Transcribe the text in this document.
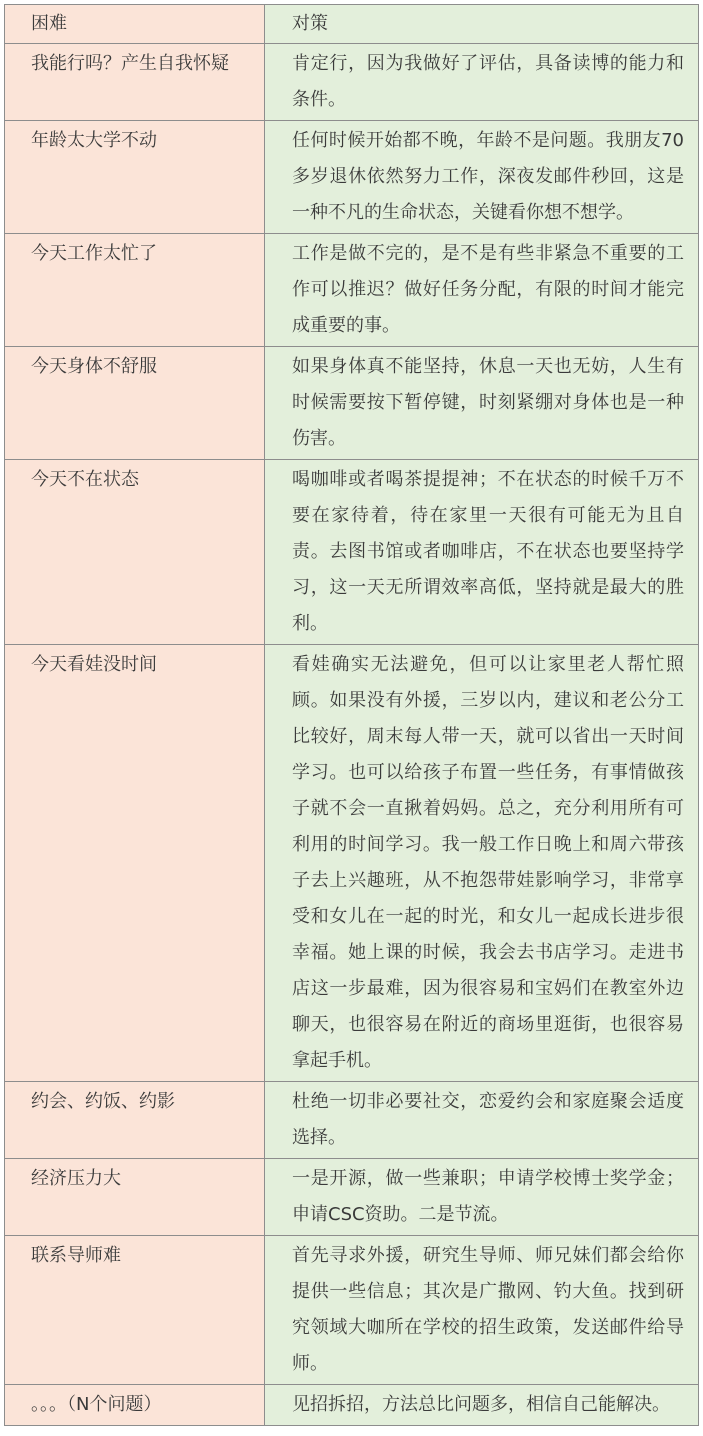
困难	对策
我能行吗？产生自我怀疑	肯定行，因为我做好了评估，具备读博的能力和条件。
年龄太大学不动	任何时候开始都不晚，年龄不是问题。我朋友70多岁退休依然努力工作，深夜发邮件秒回，这是一种不凡的生命状态，关键看你想不想学。
今天工作太忙了	工作是做不完的，是不是有些非紧急不重要的工作可以推迟？做好任务分配，有限的时间才能完成重要的事。
今天身体不舒服	如果身体真不能坚持，休息一天也无妨，人生有时候需要按下暂停键，时刻紧绷对身体也是一种伤害。
今天不在状态	喝咖啡或者喝茶提提神；不在状态的时候千万不要在家待着，待在家里一天很有可能无为且自责。去图书馆或者咖啡店，不在状态也要坚持学习，这一天无所谓效率高低，坚持就是最大的胜利。
今天看娃没时间	看娃确实无法避免，但可以让家里老人帮忙照顾。如果没有外援，三岁以内，建议和老公分工比较好，周末每人带一天，就可以省出一天时间学习。也可以给孩子布置一些任务，有事情做孩子就不会一直揪着妈妈。总之，充分利用所有可利用的时间学习。我一般工作日晚上和周六带孩子去上兴趣班，从不抱怨带娃影响学习，非常享受和女儿在一起的时光，和女儿一起成长进步很幸福。她上课的时候，我会去书店学习。走进书店这一步最难，因为很容易和宝妈们在教室外边聊天，也很容易在附近的商场里逛街，也很容易拿起手机。
约会、约饭、约影	杜绝一切非必要社交，恋爱约会和家庭聚会适度选择。
经济压力大	一是开源，做一些兼职；申请学校博士奖学金；申请CSC资助。二是节流。
联系导师难	首先寻求外援，研究生导师、师兄妹们都会给你提供一些信息；其次是广撒网、钓大鱼。找到研究领域大咖所在学校的招生政策，发送邮件给导师。
。。。（N个问题）	见招拆招，方法总比问题多，相信自己能解决。
